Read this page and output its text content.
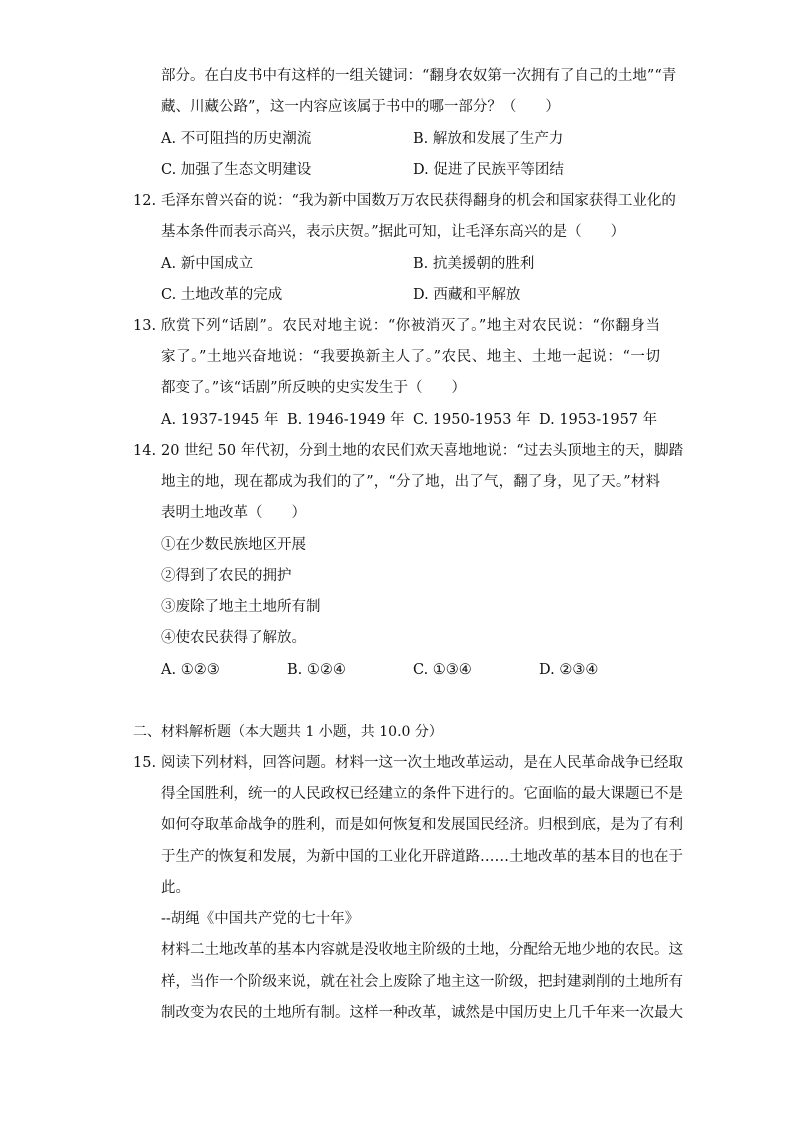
部分。在白皮书中有这样的一组关键词：“翻身农奴第一次拥有了自己的土地”“青
藏、川藏公路”，这一内容应该属于书中的哪一部分？（　　）
A. 不可阻挡的历史潮流	B. 解放和发展了生产力
C. 加强了生态文明建设	D. 促进了民族平等团结
12. 毛泽东曾兴奋的说：“我为新中国数万万农民获得翻身的机会和国家获得工业化的
基本条件而表示高兴，表示庆贺。”据此可知，让毛泽东高兴的是（　　）
A. 新中国成立	B. 抗美援朝的胜利
C. 土地改革的完成	D. 西藏和平解放
13. 欣赏下列“话剧”。农民对地主说：“你被消灭了。”地主对农民说：“你翻身当
家了。”土地兴奋地说：“我要换新主人了。”农民、地主、土地一起说：“一切
都变了。”该“话剧”所反映的史实发生于（　　）
A. 1937-1945 年 B. 1946-1949 年 C. 1950-1953 年 D. 1953-1957 年
14. 20 世纪 50 年代初，分到土地的农民们欢天喜地地说：“过去头顶地主的天，脚踏
地主的地，现在都成为我们的了”，“分了地，出了气，翻了身，见了天。”材料
表明土地改革（　　）
①在少数民族地区开展
②得到了农民的拥护
③废除了地主土地所有制
④使农民获得了解放。
A. ①②③	B. ①②④	C. ①③④	D. ②③④
二、材料解析题（本大题共 1 小题，共 10.0 分）
15. 阅读下列材料，回答问题。材料一这一次土地改革运动，是在人民革命战争已经取
得全国胜利，统一的人民政权已经建立的条件下进行的。它面临的最大课题已不是
如何夺取革命战争的胜利，而是如何恢复和发展国民经济。归根到底，是为了有利
于生产的恢复和发展，为新中国的工业化开辟道路……土地改革的基本目的也在于
此。
--胡绳《中国共产党的七十年》
材料二土地改革的基本内容就是没收地主阶级的土地，分配给无地少地的农民。这
样，当作一个阶级来说，就在社会上废除了地主这一阶级，把封建剥削的土地所有
制改变为农民的土地所有制。这样一种改革，诚然是中国历史上几千年来一次最大
